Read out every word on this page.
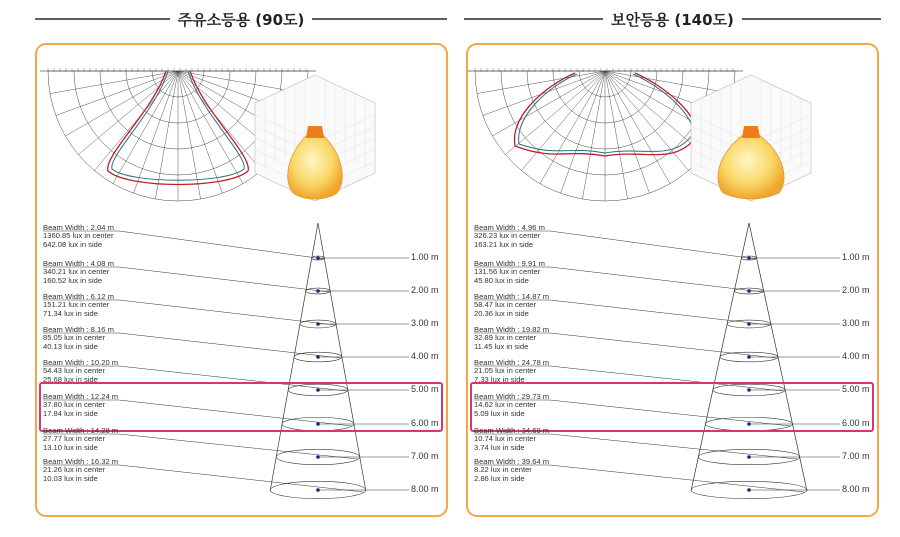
주유소등용 (90도)	보안등용 (140도)
Beam Width : 2.04 m
1360.85 lux in center
642.08 lux in side
Beam Width : 4.08 m
340.21 lux in center
160.52 lux in side
Beam Width : 6.12 m
151.21 lux in center
71.34 lux in side
Beam Width : 8.16 m
85.05 lux in center
40.13 lux in side
Beam Width : 10.20 m
54.43 lux in center
25.68 lux in side
Beam Width : 12.24 m
37.80 lux in center
17.84 lux in side
Beam Width : 14.28 m
27.77 lux in center
13.10 lux in side
Beam Width : 16.32 m
21.26 lux in center
10.03 lux in side
1.00 m
2.00 m
3.00 m
4.00 m
5.00 m
6.00 m
7.00 m
8.00 m
Beam Width : 4.96 m
326.23 lux in center
163.21 lux in side
Beam Width : 9.91 m
131.56 lux in center
45.80 lux in side
Beam Width : 14.87 m
58.47 lux in center
20.36 lux in side
Beam Width : 19.82 m
32.89 lux in center
11.45 lux in side
Beam Width : 24.78 m
21.05 lux in center
7.33 lux in side
Beam Width : 29.73 m
14.62 lux in center
5.09 lux in side
Beam Width : 34.69 m
10.74 lux in center
3.74 lux in side
Beam Width : 39.64 m
8.22 lux in center
2.86 lux in side
1.00 m
2.00 m
3.00 m
4.00 m
5.00 m
6.00 m
7.00 m
8.00 m
